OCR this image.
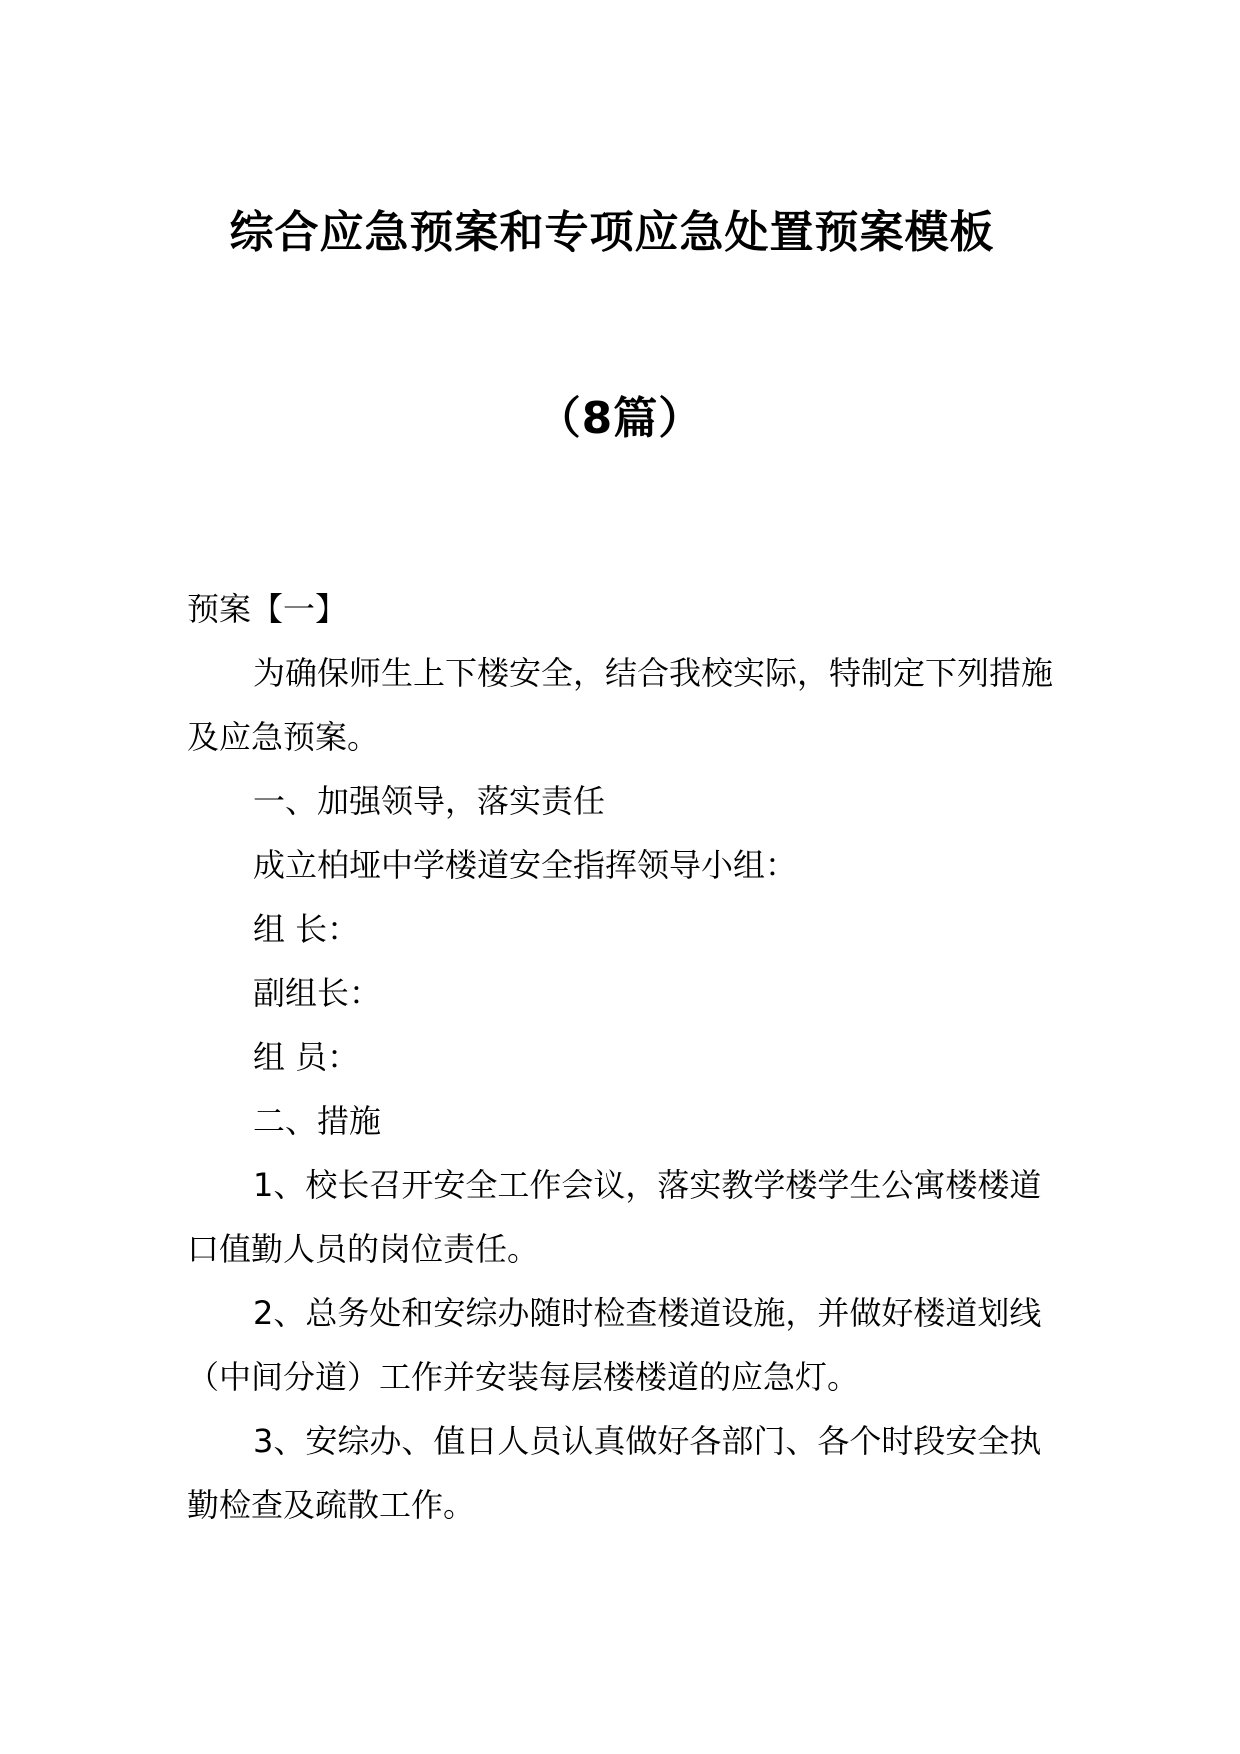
综合应急预案和专项应急处置预案模板
（8篇）

预案【一】

为确保师生上下楼安全，结合我校实际，特制定下列措施及应急预案。

一、加强领导，落实责任

成立柏垭中学楼道安全指挥领导小组：

组 长：

副组长：

组 员：

二、措施

1、校长召开安全工作会议，落实教学楼学生公寓楼楼道口值勤人员的岗位责任。

2、总务处和安综办随时检查楼道设施，并做好楼道划线（中间分道）工作并安装每层楼楼道的应急灯。

3、安综办、值日人员认真做好各部门、各个时段安全执勤检查及疏散工作。
